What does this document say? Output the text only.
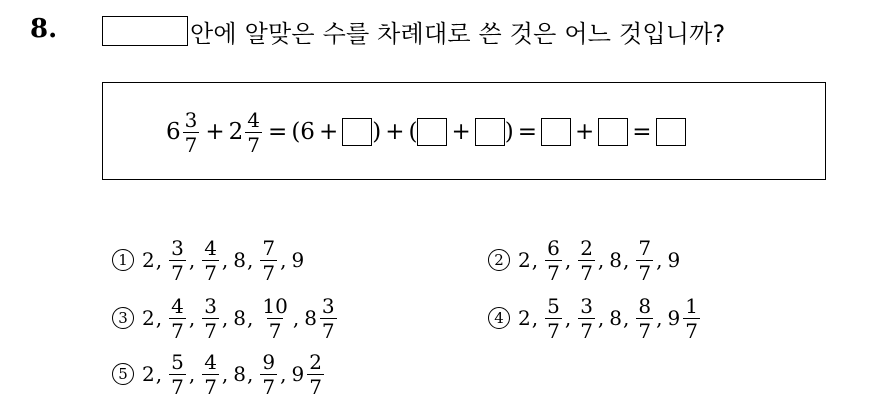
8.	안에 알맞은 수를 차례대로 쓴 것은 어느 것입니까?
$6 \frac{3}{7} + 2 \frac{4}{7}$ = ( 6 + ) + ( + ) = + =
1 2 , $\frac{3}{7}$ , $\frac{4}{7}$ , 8 , $\frac{7}{7}$ , 9	2 2 , $\frac{6}{7}$ , $\frac{2}{7}$ , 8 , $\frac{7}{7}$ , 9
3 2 , $\frac{4}{7}$ , $\frac{3}{7}$ , 8 , $\frac{10}{7}$ , $8 \frac{3}{7}$	4 2 , $\frac{5}{7}$ , $\frac{3}{7}$ , 8 , $\frac{8}{7}$ , $9 \frac{1}{7}$
5 2 , $\frac{5}{7}$ , $\frac{4}{7}$ , 8 , $\frac{9}{7}$ , $9 \frac{2}{7}$
